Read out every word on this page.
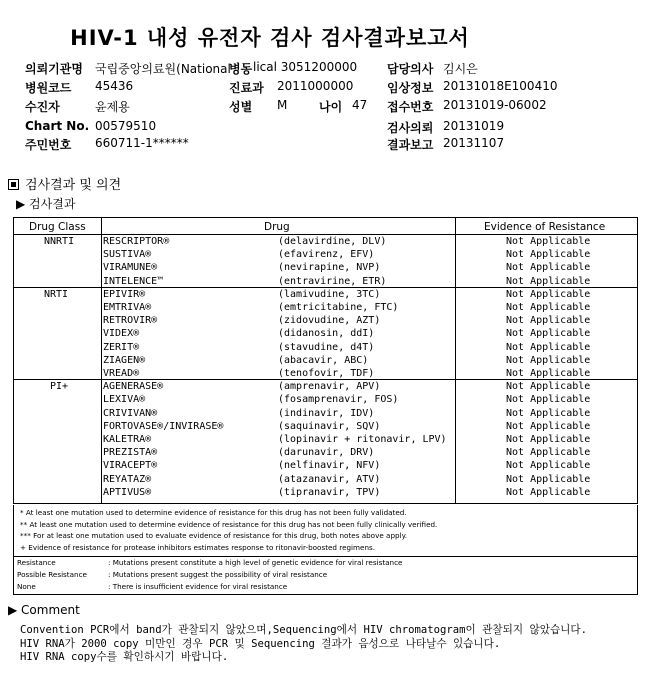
HIV-1 내성 유전자 검사 검사결과보고서
의뢰기관명 국립중앙의료원(National
병원코드 45436
수진자	윤제용
Chart No. 00579510
주민번호 660711-1******
병동 lical 3051200000
진료과 2011000000
성별 M	나이 47
담당의사 김시은
임상정보 20131018E100410
접수번호 20131019-06002
검사의뢰 20131019
결과보고 20131107
검사결과 및 의견
▶ 검사결과
Drug Class	Drug	Evidence of Resistance
NNRTI	RESCRIPTOR®	(delavirdine, DLV)	Not Applicable
SUSTIVA®	(efavirenz, EFV)	Not Applicable
VIRAMUNE®	(nevirapine, NVP)	Not Applicable
INTELENCE™	(entravirine, ETR)	Not Applicable
NRTI	EPIVIR®	(lamivudine, 3TC)	Not Applicable
EMTRIVA®	(emtricitabine, FTC)	Not Applicable
RETROVIR®	(zidovudine, AZT)	Not Applicable
VIDEX®	(didanosin, ddI)	Not Applicable
ZERIT®	(stavudine, d4T)	Not Applicable
ZIAGEN®	(abacavir, ABC)	Not Applicable
VREAD®	(tenofovir, TDF)	Not Applicable
PI+	AGENERASE®	(amprenavir, APV)	Not Applicable
LEXIVA®	(fosamprenavir, FOS)	Not Applicable
CRIVIVAN®	(indinavir, IDV)	Not Applicable
FORTOVASE®/INVIRASE®	(saquinavir, SQV)	Not Applicable
KALETRA®	(lopinavir + ritonavir, LPV)	Not Applicable
PREZISTA®	(darunavir, DRV)	Not Applicable
VIRACEPT®	(nelfinavir, NFV)	Not Applicable
REYATAZ®	(atazanavir, ATV)	Not Applicable
APTIVUS®	(tipranavir, TPV)	Not Applicable
* At least one mutation used to determine evidence of resistance for this drug has not been fully validated.
** At least one mutation used to determine evidence of resistance for this drug has not been fully clinically verified.
*** For at least one mutation used to evaluate evidence of resistance for this drug, both notes above apply.
+ Evidence of resistance for protease inhibitors estimates response to ritonavir-boosted regimens.
Resistance	: Mutations present constitute a high level of genetic evidence for viral resistance
Possible Resistance	: Mutations present suggest the possibility of viral resistance
None	: There is insufficient evidence for viral resistance
▶ Comment
Convention PCR에서 band가 관찰되지 않았으며,Sequencing에서 HIV chromatogram이 관찰되지 않았습니다.
HIV RNA가 2000 copy 미만인 경우 PCR 및 Sequencing 결과가 음성으로 나타날수 있습니다.
HIV RNA copy수를 확인하시기 바랍니다.
